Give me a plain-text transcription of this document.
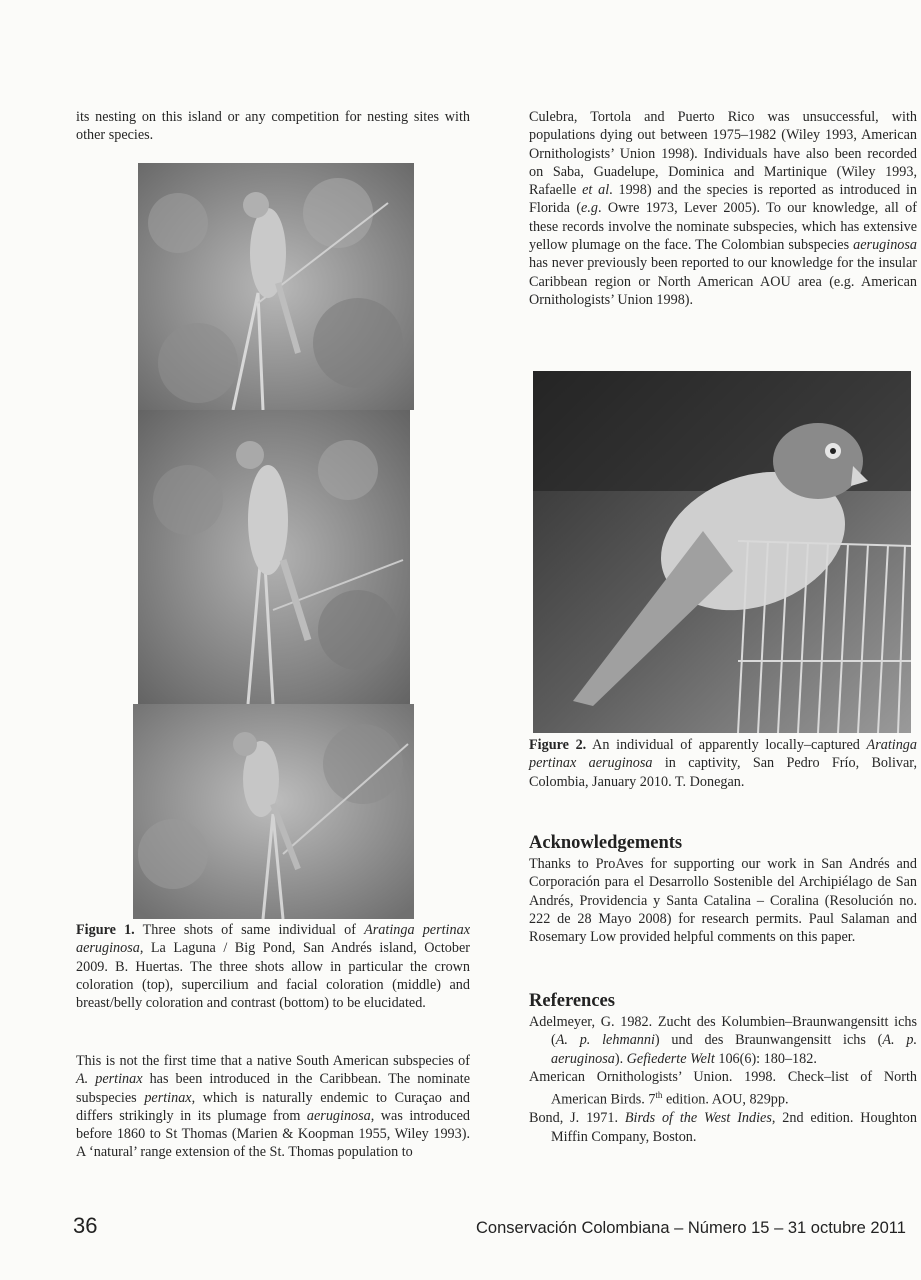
its nesting on this island or any competition for nesting sites with other species.

Figure 1. Three shots of same individual of Aratinga pertinax aeruginosa, La Laguna / Big Pond, San Andrés island, October 2009. B. Huertas. The three shots allow in particular the crown coloration (top), supercilium and facial coloration (middle) and breast/belly coloration and contrast (bottom) to be elucidated.

This is not the first time that a native South American subspecies of A. pertinax has been introduced in the Caribbean. The nominate subspecies pertinax, which is naturally endemic to Curaçao and differs strikingly in its plumage from aeruginosa, was introduced before 1860 to St Thomas (Marien & Koopman 1955, Wiley 1993). A ‘natural’ range extension of the St. Thomas population to

Culebra, Tortola and Puerto Rico was unsuccessful, with populations dying out between 1975–1982 (Wiley 1993, American Ornithologists’ Union 1998). Individuals have also been recorded on Saba, Guadelupe, Dominica and Martinique (Wiley 1993, Rafaelle et al. 1998) and the species is reported as introduced in Florida (e.g. Owre 1973, Lever 2005). To our knowledge, all of these records involve the nominate subspecies, which has extensive yellow plumage on the face. The Colombian subspecies aeruginosa has never previously been reported to our knowledge for the insular Caribbean region or North American AOU area (e.g. American Ornithologists’ Union 1998).

Figure 2. An individual of apparently locally–captured Aratinga pertinax aeruginosa in captivity, San Pedro Frío, Bolivar, Colombia, January 2010. T. Donegan.

Acknowledgements

Thanks to ProAves for supporting our work in San Andrés and Corporación para el Desarrollo Sostenible del Archipiélago de San Andrés, Providencia y Santa Catalina – Coralina (Resolución no. 222 de 28 Mayo 2008) for research permits. Paul Salaman and Rosemary Low provided helpful comments on this paper.

References

Adelmeyer, G. 1982. Zucht des Kolumbien–Braunwangensitt ichs (A. p. lehmanni) und des Braunwangensitt ichs (A. p. aeruginosa). Gefiederte Welt 106(6): 180–182.

American Ornithologists’ Union. 1998. Check–list of North American Birds. 7th edition. AOU, 829pp.

Bond, J. 1971. Birds of the West Indies, 2nd edition. Houghton Miffin Company, Boston.

36	Conservación Colombiana – Número 15 – 31 octubre 2011
